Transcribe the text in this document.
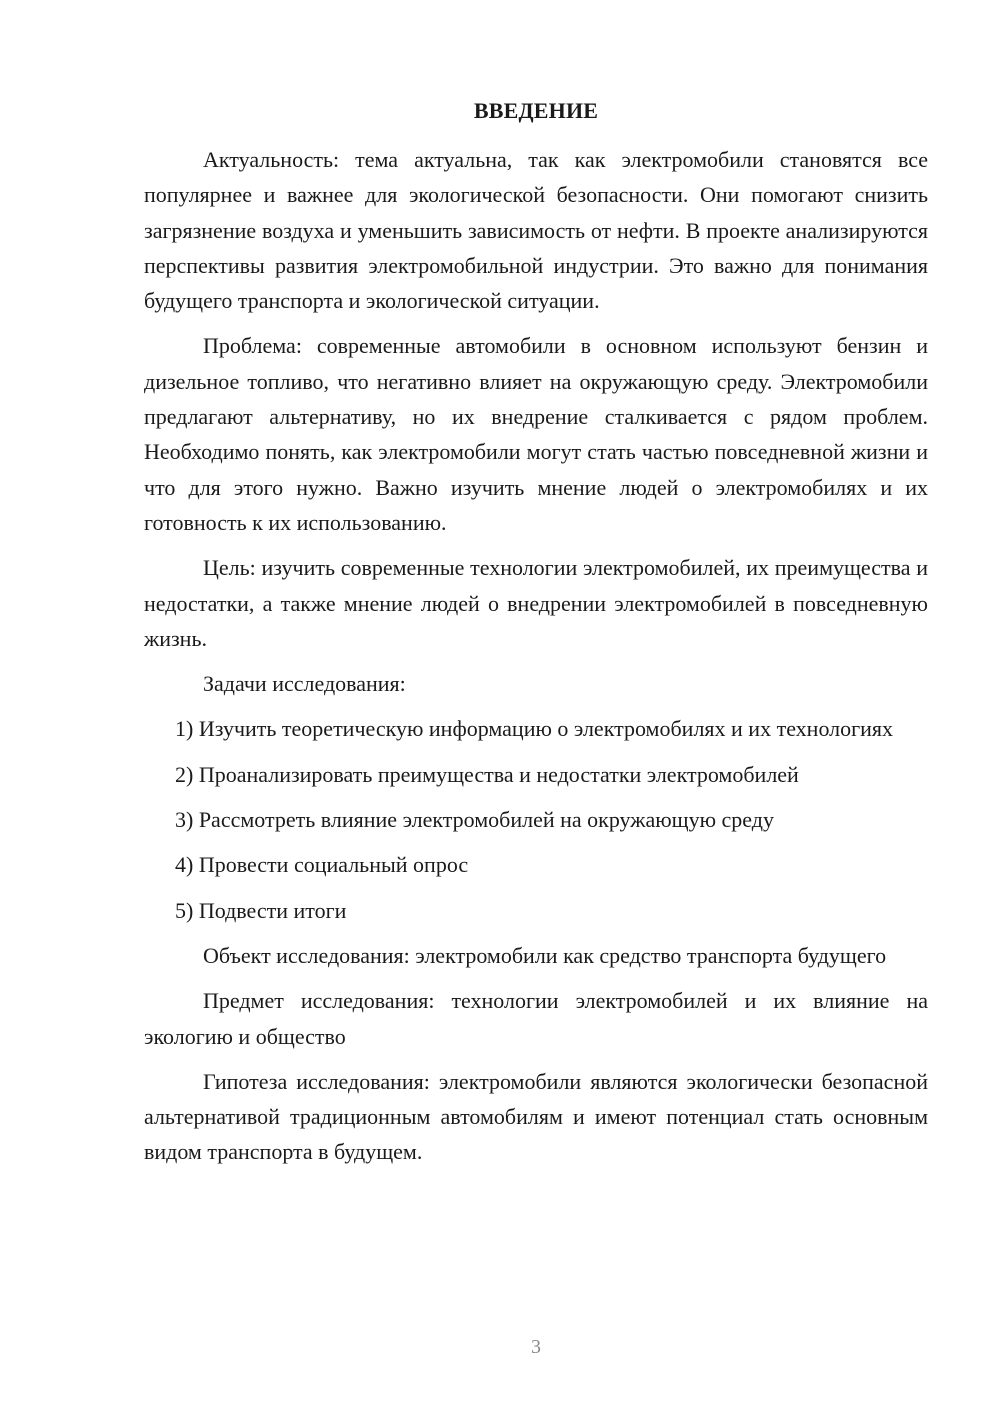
ВВЕДЕНИЕ

Актуальность: тема актуальна, так как электромобили становятся все популярнее и важнее для экологической безопасности. Они помогают снизить загрязнение воздуха и уменьшить зависимость от нефти. В проекте анализируются перспективы развития электромобильной индустрии. Это важно для понимания будущего транспорта и экологической ситуации.

Проблема: современные автомобили в основном используют бензин и дизельное топливо, что негативно влияет на окружающую среду. Электромобили предлагают альтернативу, но их внедрение сталкивается с рядом проблем. Необходимо понять, как электромобили могут стать частью повседневной жизни и что для этого нужно. Важно изучить мнение людей о электромобилях и их готовность к их использованию.

Цель: изучить современные технологии электромобилей, их преимущества и недостатки, а также мнение людей о внедрении электромобилей в повседневную жизнь.

Задачи исследования:

1) Изучить теоретическую информацию о электромобилях и их технологиях

2) Проанализировать преимущества и недостатки электромобилей

3) Рассмотреть влияние электромобилей на окружающую среду

4) Провести социальный опрос

5) Подвести итоги

Объект исследования: электромобили как средство транспорта будущего

Предмет исследования: технологии электромобилей и их влияние на экологию и общество

Гипотеза исследования: электромобили являются экологически безопасной альтернативой традиционным автомобилям и имеют потенциал стать основным видом транспорта в будущем.

3
